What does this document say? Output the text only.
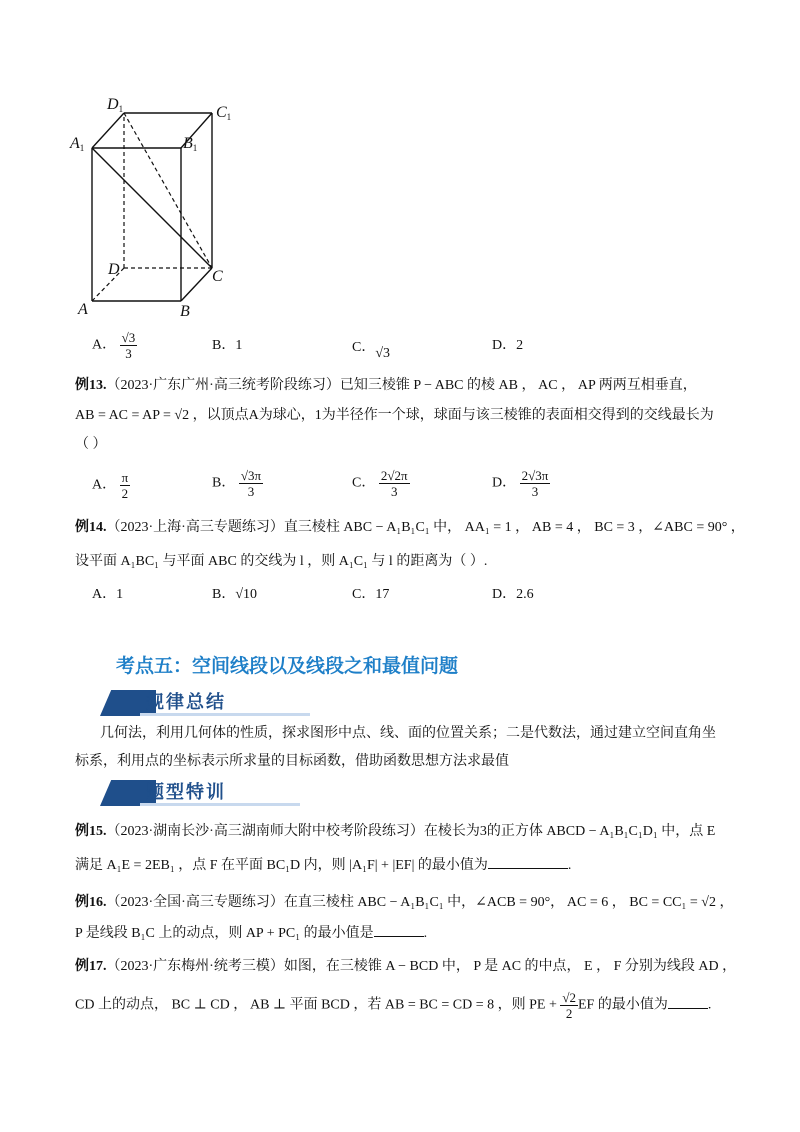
D1	C1
A1	B1
D	C
A	B
A． $\frac{√3}{3}$	B．1	C．√3
D．2
例13.（2023·广东广州·高三统考阶段练习）已知三棱锥 P − ABC 的棱 AB ， AC ， AP 两两互相垂直，
AB = AC = AP = √2 ，以顶点A为球心，1为半径作一个球，球面与该三棱锥的表面相交得到的交线最长为
（ ）
A． $\frac{\pi}{2}$	B． $\frac{√3\pi}{3}$	C． $\frac{2√2\pi}{3}$	D． $\frac{2√3\pi}{3}$
例14.（2023·上海·高三专题练习）直三棱柱 ABC − A₁B₁C₁ 中， AA₁ = 1 ， AB = 4 ， BC = 3 ，∠ABC = 90° ，
设平面 A₁BC₁ 与平面 ABC 的交线为 l ，则 A₁C₁ 与 l 的距离为（ ）.
A．1	B．√10	C．17	D．2.6
考点五：空间线段以及线段之和最值问题
规律总结
几何法，利用几何体的性质，探求图形中点、线、面的位置关系；二是代数法，通过建立空间直角坐
标系，利用点的坐标表示所求量的目标函数，借助函数思想方法求最值
题型特训
例15.（2023·湖南长沙·高三湖南师大附中校考阶段练习）在棱长为3的正方体 ABCD − A₁B₁C₁D₁ 中，点 E
满足 A₁E = 2EB₁ ，点 F 在平面 BC₁D 内，则 |A₁F| + |EF| 的最小值为	.
例16.（2023·全国·高三专题练习）在直三棱柱 ABC − A₁B₁C₁ 中，∠ACB = 90°， AC = 6 ， BC = CC₁ = √2 ，
P 是线段 B₁C 上的动点，则 AP + PC₁ 的最小值是	.
例17.（2023·广东梅州·统考三模）如图，在三棱锥 A − BCD 中， P 是 AC 的中点， E ， F 分别为线段 AD ，
CD 上的动点， BC ⊥ CD ， AB ⊥ 平面 BCD ，若 AB = BC = CD = 8 ，则 PE + $\frac{√2}{2}$ EF 的最小值为	.
